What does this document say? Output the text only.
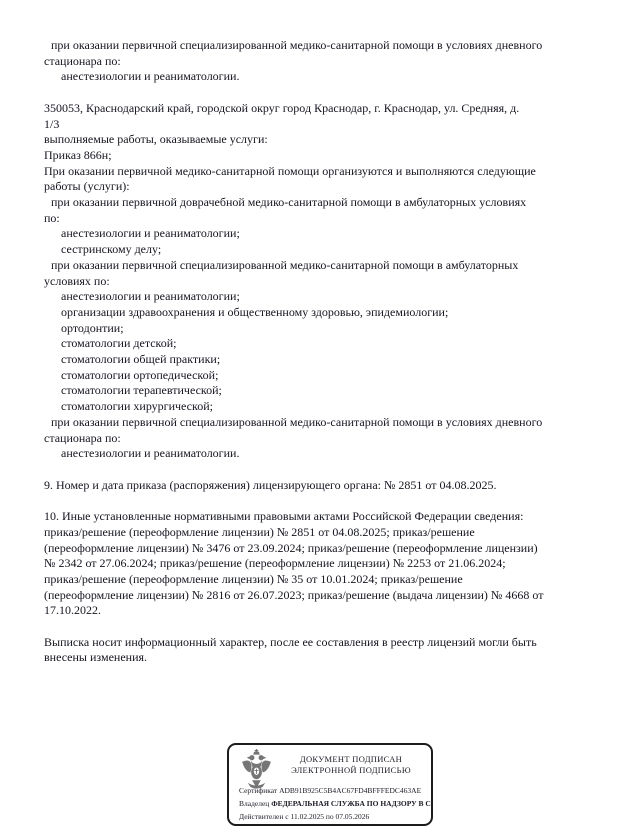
при оказании первичной специализированной медико-санитарной помощи в условиях дневного
стационара по:
анестезиологии и реаниматологии.

350053, Краснодарский край, городской округ город Краснодар, г. Краснодар, ул. Средняя, д.
1/3
выполняемые работы, оказываемые услуги:
Приказ 866н;
При оказании первичной медико-санитарной помощи организуются и выполняются следующие
работы (услуги):
при оказании первичной доврачебной медико-санитарной помощи в амбулаторных условиях
по:
анестезиологии и реаниматологии;
сестринскому делу;
при оказании первичной специализированной медико-санитарной помощи в амбулаторных
условиях по:
анестезиологии и реаниматологии;
организации здравоохранения и общественному здоровью, эпидемиологии;
ортодонтии;
стоматологии детской;
стоматологии общей практики;
стоматологии ортопедической;
стоматологии терапевтической;
стоматологии хирургической;
при оказании первичной специализированной медико-санитарной помощи в условиях дневного
стационара по:
анестезиологии и реаниматологии.

9. Номер и дата приказа (распоряжения) лицензирующего органа: № 2851 от 04.08.2025.

10. Иные установленные нормативными правовыми актами Российской Федерации сведения:
приказ/решение (переоформление лицензии) № 2851 от 04.08.2025; приказ/решение
(переоформление лицензии) № 3476 от 23.09.2024; приказ/решение (переоформление лицензии)
№ 2342 от 27.06.2024; приказ/решение (переоформление лицензии) № 2253 от 21.06.2024;
приказ/решение (переоформление лицензии) № 35 от 10.01.2024; приказ/решение
(переоформление лицензии) № 2816 от 26.07.2023; приказ/решение (выдача лицензии) № 4668 от
17.10.2022.

Выписка носит информационный характер, после ее составления в реестр лицензий могли быть
внесены изменения.
ДОКУМЕНТ ПОДПИСАН
ЭЛЕКТРОННОЙ ПОДПИСЬЮ
Сертификат ADB91B925C5B4AC67FD4BFFFEDC463AE
Владелец ФЕДЕРАЛЬНАЯ СЛУЖБА ПО НАДЗОРУ В С
Действителен с 11.02.2025 по 07.05.2026
